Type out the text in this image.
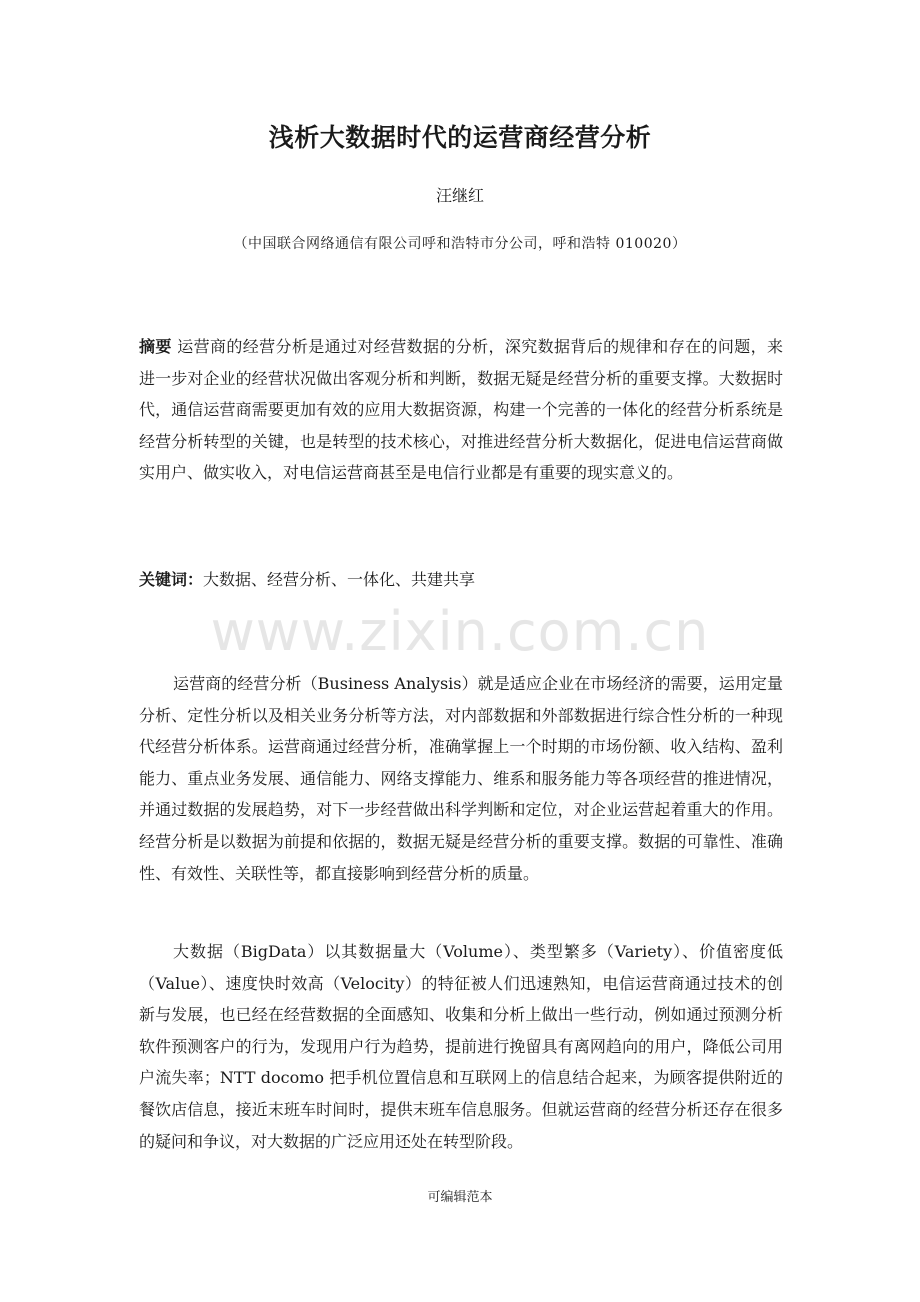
浅析大数据时代的运营商经营分析
汪继红
（中国联合网络通信有限公司呼和浩特市分公司，呼和浩特 010020）
摘要 运营商的经营分析是通过对经营数据的分析，深究数据背后的规律和存在的问题，来进一步对企业的经营状况做出客观分析和判断，数据无疑是经营分析的重要支撑。大数据时代，通信运营商需要更加有效的应用大数据资源，构建一个完善的一体化的经营分析系统是经营分析转型的关键，也是转型的技术核心，对推进经营分析大数据化，促进电信运营商做实用户、做实收入，对电信运营商甚至是电信行业都是有重要的现实意义的。
关键词：大数据、经营分析、一体化、共建共享
www.zixin.com.cn
运营商的经营分析（Business Analysis）就是适应企业在市场经济的需要，运用定量分析、定性分析以及相关业务分析等方法，对内部数据和外部数据进行综合性分析的一种现代经营分析体系。运营商通过经营分析，准确掌握上一个时期的市场份额、收入结构、盈利能力、重点业务发展、通信能力、网络支撑能力、维系和服务能力等各项经营的推进情况，并通过数据的发展趋势，对下一步经营做出科学判断和定位，对企业运营起着重大的作用。经营分析是以数据为前提和依据的，数据无疑是经营分析的重要支撑。数据的可靠性、准确性、有效性、关联性等，都直接影响到经营分析的质量。
大数据（BigData）以其数据量大（Volume）、类型繁多（Variety）、价值密度低（Value）、速度快时效高（Velocity）的特征被人们迅速熟知，电信运营商通过技术的创新与发展，也已经在经营数据的全面感知、收集和分析上做出一些行动，例如通过预测分析软件预测客户的行为，发现用户行为趋势，提前进行挽留具有离网趋向的用户，降低公司用户流失率；NTT docomo 把手机位置信息和互联网上的信息结合起来，为顾客提供附近的餐饮店信息，接近末班车时间时，提供末班车信息服务。但就运营商的经营分析还存在很多的疑问和争议，对大数据的广泛应用还处在转型阶段。
可编辑范本
